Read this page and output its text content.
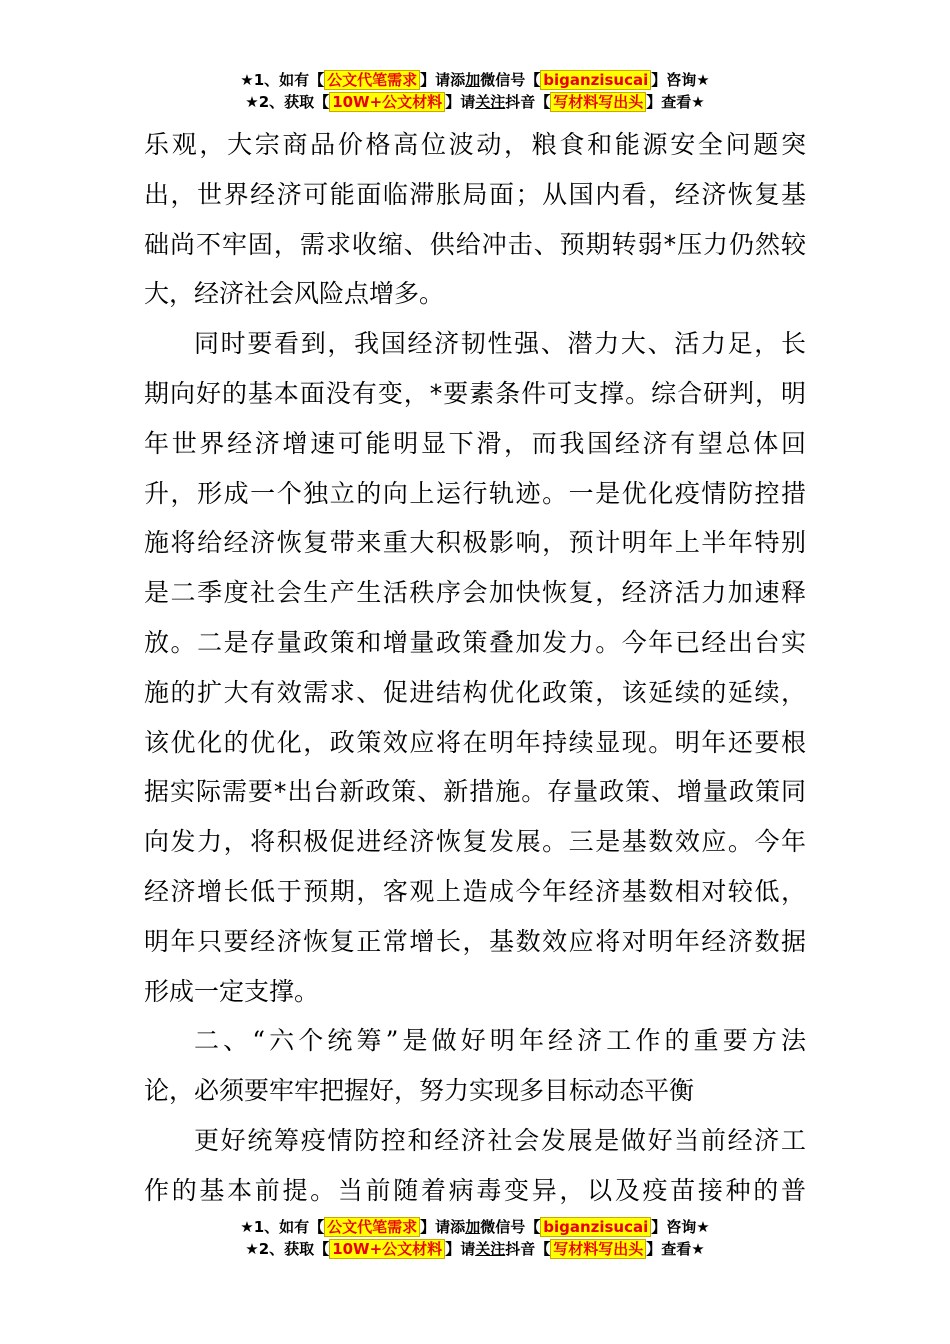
★1、如有【 公文代笔需求 】请添加微信号【 biganzisucai 】咨询★
★2、获取【 10W+公文材料 】请关注抖音【 写材料写出头 】查看★
乐观，大宗商品价格高位波动，粮食和能源安全问题突
出，世界经济可能面临滞胀局面；从国内看，经济恢复基
础尚不牢固，需求收缩、供给冲击、预期转弱*压力仍然较
大，经济社会风险点增多。
同时要看到，我国经济韧性强、潜力大、活力足，长
期向好的基本面没有变，*要素条件可支撑。综合研判，明
年世界经济增速可能明显下滑，而我国经济有望总体回
升，形成一个独立的向上运行轨迹。一是优化疫情防控措
施将给经济恢复带来重大积极影响，预计明年上半年特别
是二季度社会生产生活秩序会加快恢复，经济活力加速释
放。二是存量政策和增量政策叠加发力。今年已经出台实
施的扩大有效需求、促进结构优化政策，该延续的延续，
该优化的优化，政策效应将在明年持续显现。明年还要根
据实际需要*出台新政策、新措施。存量政策、增量政策同
向发力，将积极促进经济恢复发展。三是基数效应。今年
经济增长低于预期，客观上造成今年经济基数相对较低，
明年只要经济恢复正常增长，基数效应将对明年经济数据
形成一定支撑。
二、“六个统筹”是做好明年经济工作的重要方法
论，必须要牢牢把握好，努力实现多目标动态平衡
更好统筹疫情防控和经济社会发展是做好当前经济工
作的基本前提。当前随着病毒变异，以及疫苗接种的普
★1、如有【 公文代笔需求 】请添加微信号【 biganzisucai 】咨询★
★2、获取【 10W+公文材料 】请关注抖音【 写材料写出头 】查看★
